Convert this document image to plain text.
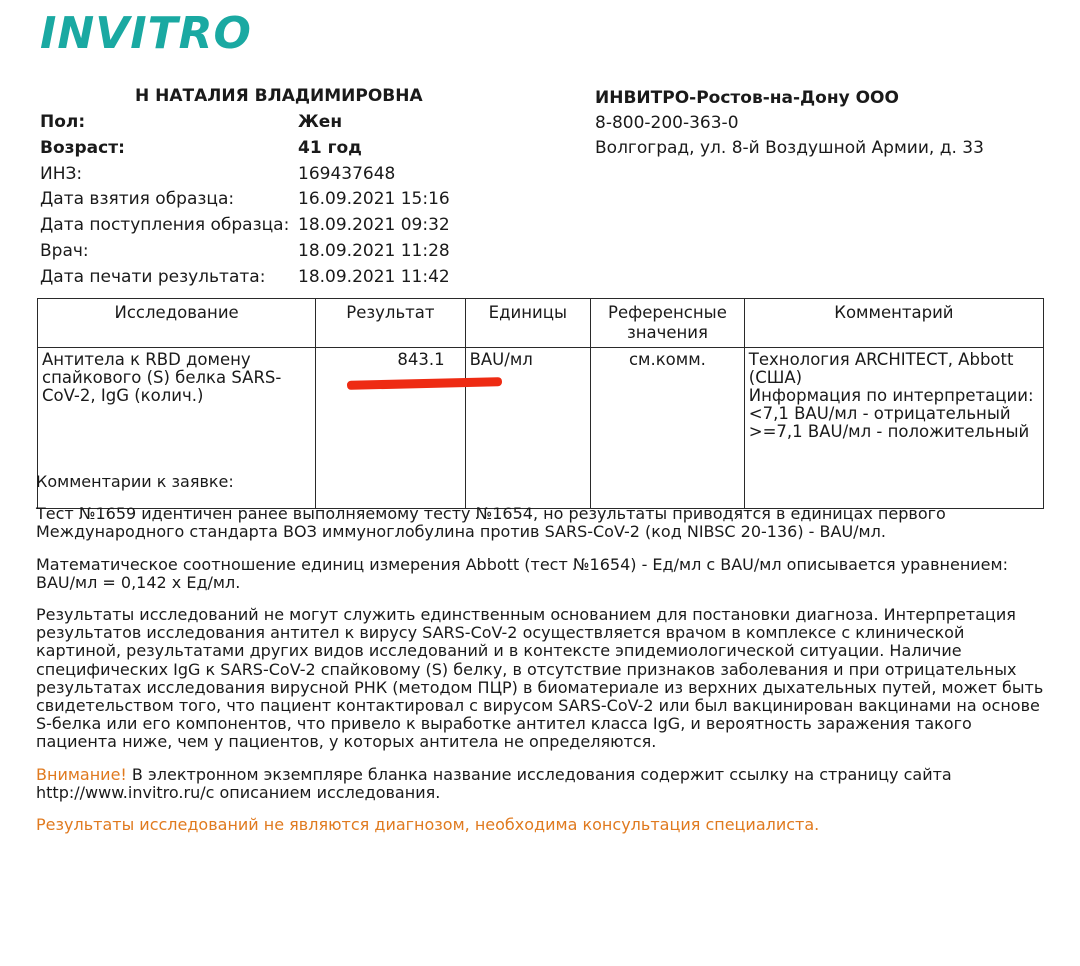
INVITRO
Н НАТАЛИЯ ВЛАДИМИРОВНА
Пол:	Жен
Возраст:	41 год
ИНЗ:	169437648
Дата взятия образца:	16.09.2021 15:16
Дата поступления образца: 18.09.2021 09:32
Врач:	18.09.2021 11:28
Дата печати результата:	18.09.2021 11:42
ИНВИТРО-Ростов-на-Дону ООО
8-800-200-363-0
Волгоград, ул. 8-й Воздушной Армии, д. 33
Исследование	Результат	Единицы	Референсные значения	Комментарий
Антитела к RBD домену спайкового (S) белка SARS-CoV-2, IgG (колич.)	843.1	BAU/мл	см.комм.	Технология ARCHITECT, Abbott
(США)
Информация по интерпретации:
<7,1 BAU/мл - отрицательный
>=7,1 BAU/мл - положительный

Комментарии к заявке:

Тест №1659 идентичен ранее выполняемому тесту №1654, но результаты приводятся в единицах первого Международного стандарта ВОЗ иммуноглобулина против SARS-CoV-2 (код NIBSC 20-136) - BAU/мл.

Математическое соотношение единиц измерения Abbott (тест №1654) - Ед/мл с BAU/мл описывается уравнением: BAU/мл = 0,142 x Ед/мл.

Результаты исследований не могут служить единственным основанием для постановки диагноза. Интерпретация результатов исследования антител к вирусу SARS-CoV-2 осуществляется врачом в комплексе с клинической картиной, результатами других видов исследований и в контексте эпидемиологической ситуации. Наличие специфических IgG к SARS-CoV-2 спайковому (S) белку, в отсутствие признаков заболевания и при отрицательных результатах исследования вирусной РНК (методом ПЦР) в биоматериале из верхних дыхательных путей, может быть свидетельством того, что пациент контактировал с вирусом SARS-CoV-2 или был вакцинирован вакцинами на основе S-белка или его компонентов, что привело к выработке антител класса IgG, и вероятность заражения такого пациента ниже, чем у пациентов, у которых антитела не определяются.

Внимание! В электронном экземпляре бланка название исследования содержит ссылку на страницу сайта
http://www.invitro.ru/с описанием исследования.

Результаты исследований не являются диагнозом, необходима консультация специалиста.
